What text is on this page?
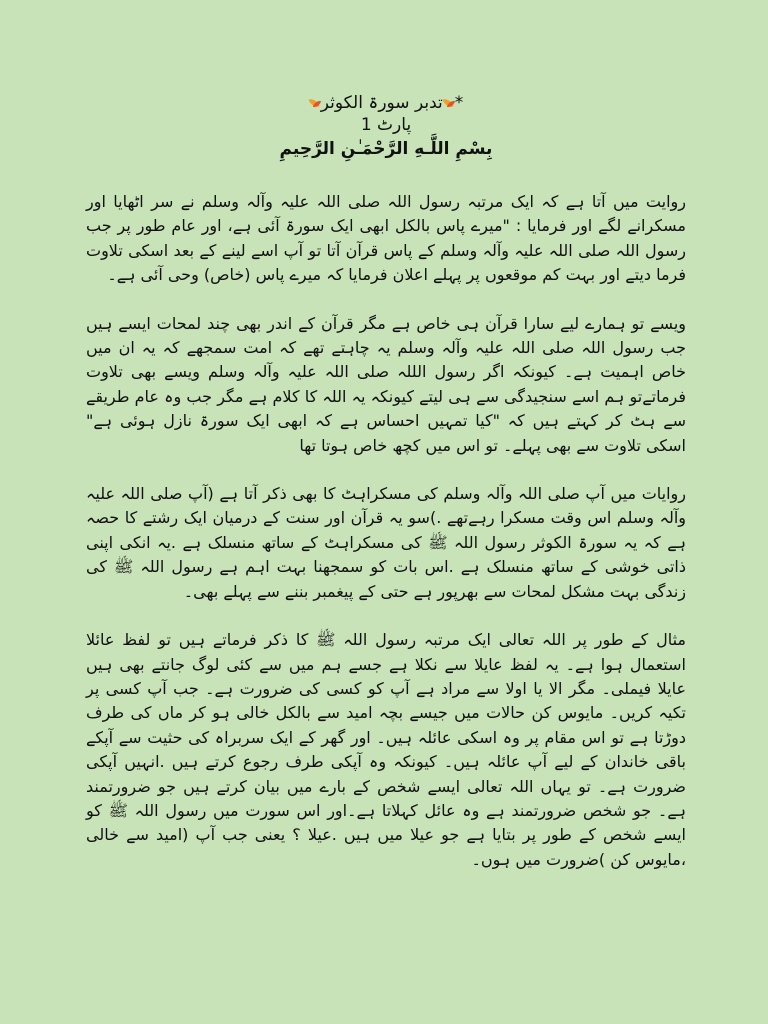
*تدبر سورۃ الکوثر
پارٹ 1
بِسْمِ اللَّـهِ الرَّحْمَـٰنِ الرَّحِيمِ

روایت میں آتا ہے کہ ایک مرتبہ رسول اللہ صلی اللہ علیہ وآلہ وسلم نے سر اٹھایا اور مسکرانے لگے اور فرمایا : "میرے پاس بالکل ابھی ایک سورۃ آئی ہے، اور عام طور پر جب رسول اللہ صلی اللہ علیہ وآلہ وسلم کے پاس قرآن آتا تو آپ اسے لینے کے بعد اسکی تلاوت فرما دیتے اور بہت کم موقعوں پر پہلے اعلان فرمایا کہ میرے پاس (خاص) وحی آئی ہے۔

ویسے تو ہمارے لیے سارا قرآن ہی خاص ہے مگر قرآن کے اندر بھی چند لمحات ایسے ہیں جب رسول اللہ صلی اللہ علیہ وآلہ وسلم یہ چاہتے تھے کہ امت سمجھے کہ یہ ان میں خاص اہمیت ہے۔ کیونکہ اگر رسول الللہ صلی اللہ علیہ وآلہ وسلم ویسے بھی تلاوت فرماتےتو ہم اسے سنجیدگی سے ہی لیتے کیونکہ یہ اللہ کا کلام ہے مگر جب وہ عام طریقے سے ہٹ کر کہتے ہیں کہ "کیا تمہیں احساس ہے کہ ابھی ایک سورۃ نازل ہوئی ہے" اسکی تلاوت سے بھی پہلے۔ تو اس میں کچھ خاص ہوتا تھا

روایات میں آپ صلی اللہ وآلہ وسلم کی مسکراہٹ کا بھی ذکر آتا ہے (آپ صلی اللہ علیہ وآلہ وسلم اس وقت مسکرا رہےتھے .)سو یہ قرآن اور سنت کے درمیان ایک رشتے کا حصہ ہے کہ یہ سورۃ الکوثر رسول اللہ ﷺ کی مسکراہٹ کے ساتھ منسلک ہے .یہ انکی اپنی ذاتی خوشی کے ساتھ منسلک ہے .اس بات کو سمجھنا بہت اہم ہے رسول اللہ ﷺ کی زندگی بہت مشکل لمحات سے بھرپور ہے حتی کے پیغمبر بننے سے پہلے بھی۔

مثال کے طور پر اللہ تعالی ایک مرتبہ رسول اللہ ﷺ کا ذکر فرماتے ہیں تو لفظ عائلا استعمال ہوا ہے۔ یہ لفظ عایلا سے نکلا ہے جسے ہم میں سے کئی لوگ جانتے بھی ہیں عایلا فیملی۔ مگر الا یا اولا سے مراد ہے آپ کو کسی کی ضرورت ہے۔ جب آپ کسی پر تکیہ کریں۔ مایوس کن حالات میں جیسے بچہ امید سے بالکل خالی ہو کر ماں کی طرف دوڑتا ہے تو اس مقام پر وہ اسکی عائلہ ہیں۔ اور گھر کے ایک سربراہ کی حثیت سے آپکے باقی خاندان کے لیے آپ عائلہ ہیں۔ کیونکہ وہ آپکی طرف رجوع کرتے ہیں .انہیں آپکی ضرورت ہے۔ تو یہاں اللہ تعالی ایسے شخص کے بارے میں بیان کرتے ہیں جو ضرورتمند ہے۔ جو شخص ضرورتمند ہے وہ عائل کہلاتا ہے۔اور اس سورت میں رسول اللہ ﷺ کو ایسے شخص کے طور پر بتایا ہے جو عیلا میں ہیں .عیلا ؟ یعنی جب آپ (امید سے خالی ،مایوس کن )ضرورت میں ہوں۔
